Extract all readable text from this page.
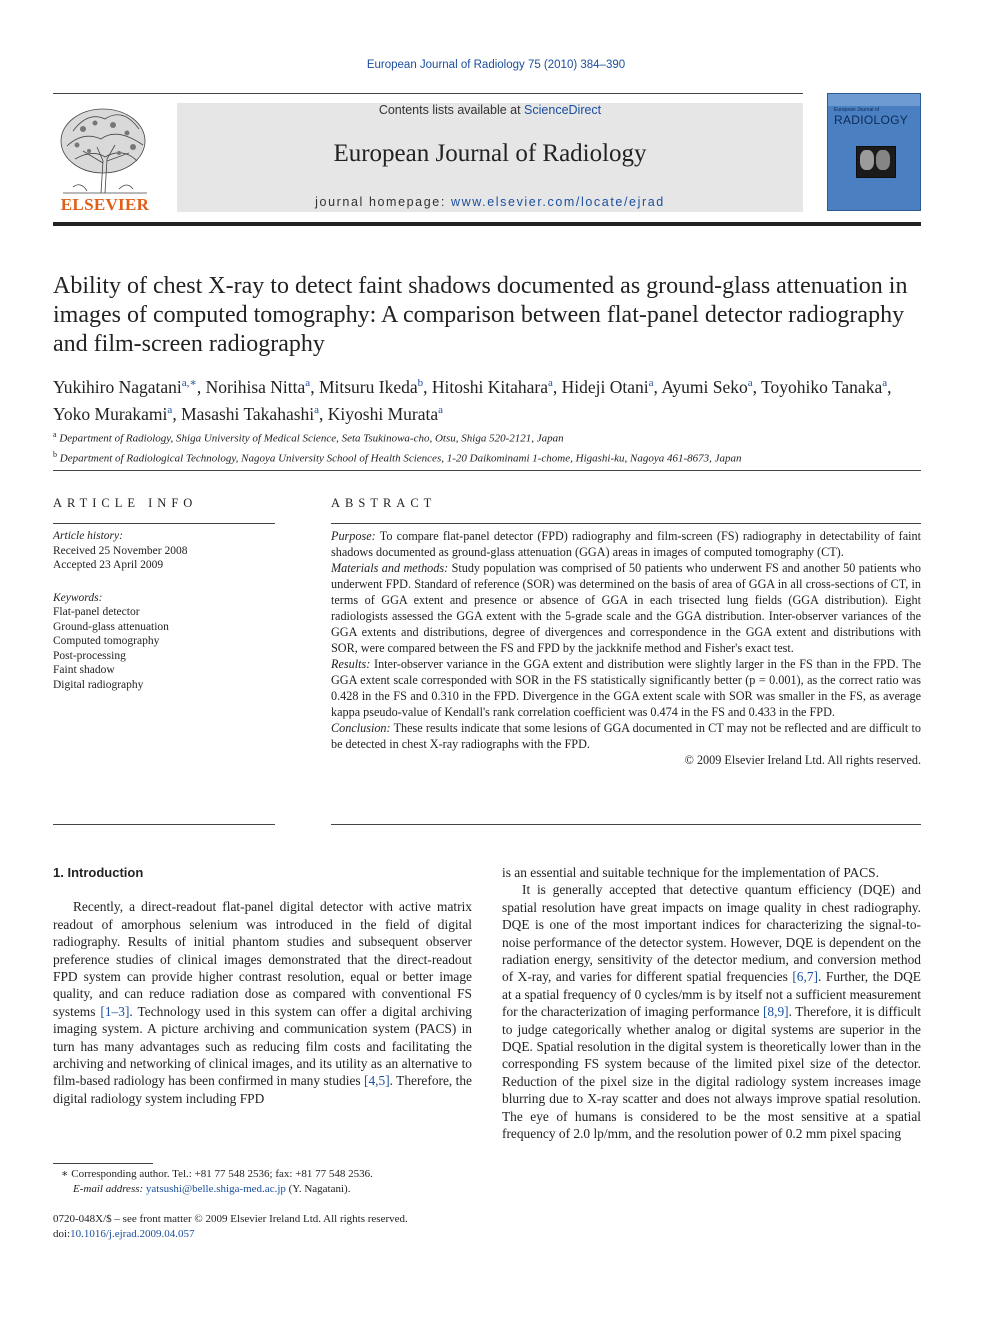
European Journal of Radiology 75 (2010) 384–390
ELSEVIER
Contents lists available at ScienceDirect
European Journal of Radiology
journal homepage: www.elsevier.com/locate/ejrad
European Journal of
RADIOLOGY
Ability of chest X-ray to detect faint shadows documented as ground-glass attenuation in images of computed tomography: A comparison between flat-panel detector radiography and film-screen radiography
Yukihiro Nagatani$^{a,∗}$, Norihisa Nitta$^a$, Mitsuru Ikeda$^b$, Hitoshi Kitahara$^a$, Hideji Otani$^a$, Ayumi Seko$^a$, Toyohiko Tanaka$^a$, Yoko Murakami$^a$, Masashi Takahashi$^a$, Kiyoshi Murata$^a$
$^a$ Department of Radiology, Shiga University of Medical Science, Seta Tsukinowa-cho, Otsu, Shiga 520-2121, Japan
$^b$ Department of Radiological Technology, Nagoya University School of Health Sciences, 1-20 Daikominami 1-chome, Higashi-ku, Nagoya 461-8673, Japan
ARTICLE INFO
Article history:
Received 25 November 2008
Accepted 23 April 2009
Keywords:
Flat-panel detector
Ground-glass attenuation
Computed tomography
Post-processing
Faint shadow
Digital radiography
ABSTRACT

Purpose: To compare flat-panel detector (FPD) radiography and film-screen (FS) radiography in detectability of faint shadows documented as ground-glass attenuation (GGA) areas in images of computed tomography (CT).

Materials and methods: Study population was comprised of 50 patients who underwent FS and another 50 patients who underwent FPD. Standard of reference (SOR) was determined on the basis of area of GGA in all cross-sections of CT, in terms of GGA extent and presence or absence of GGA in each trisected lung fields (GGA distribution). Eight radiologists assessed the GGA extent with the 5-grade scale and the GGA distribution. Inter-observer variances of the GGA extents and distributions, degree of divergences and correspondence in the GGA extent and distributions with SOR, were compared between the FS and FPD by the jackknife method and Fisher's exact test.

Results: Inter-observer variance in the GGA extent and distribution were slightly larger in the FS than in the FPD. The GGA extent scale corresponded with SOR in the FS statistically significantly better (p = 0.001), as the correct ratio was 0.428 in the FS and 0.310 in the FPD. Divergence in the GGA extent scale with SOR was smaller in the FS, as average kappa pseudo-value of Kendall's rank correlation coefficient was 0.474 in the FS and 0.433 in the FPD.

Conclusion: These results indicate that some lesions of GGA documented in CT may not be reflected and are difficult to be detected in chest X-ray radiographs with the FPD.

© 2009 Elsevier Ireland Ltd. All rights reserved.

1. Introduction

Recently, a direct-readout flat-panel digital detector with active matrix readout of amorphous selenium was introduced in the field of digital radiography. Results of initial phantom studies and subsequent observer preference studies of clinical images demonstrated that the direct-readout FPD system can provide higher contrast resolution, equal or better image quality, and can reduce radiation dose as compared with conventional FS systems [1–3]. Technology used in this system can offer a digital archiving imaging system. A picture archiving and communication system (PACS) in turn has many advantages such as reducing film costs and facilitating the archiving and networking of clinical images, and its utility as an alternative to film-based radiology has been confirmed in many studies [4,5]. Therefore, the digital radiology system including FPD

is an essential and suitable technique for the implementation of PACS.

It is generally accepted that detective quantum efficiency (DQE) and spatial resolution have great impacts on image quality in chest radiography. DQE is one of the most important indices for characterizing the signal-to-noise performance of the detector system. However, DQE is dependent on the radiation energy, sensitivity of the detector medium, and conversion method of X-ray, and varies for different spatial frequencies [6,7]. Further, the DQE at a spatial frequency of 0 cycles/mm is by itself not a sufficient measurement for the characterization of imaging performance [8,9]. Therefore, it is difficult to judge categorically whether analog or digital systems are superior in the DQE. Spatial resolution in the digital system is theoretically lower than in the corresponding FS system because of the limited pixel size of the detector. Reduction of the pixel size in the digital radiology system increases image blurring due to X-ray scatter and does not always improve spatial resolution. The eye of humans is considered to be the most sensitive at a spatial frequency of 2.0 lp/mm, and the resolution power of 0.2 mm pixel spacing

∗ Corresponding author. Tel.: +81 77 548 2536; fax: +81 77 548 2536.
E-mail address: yatsushi@belle.shiga-med.ac.jp (Y. Nagatani).
0720-048X/$ – see front matter © 2009 Elsevier Ireland Ltd. All rights reserved.
doi:10.1016/j.ejrad.2009.04.057
